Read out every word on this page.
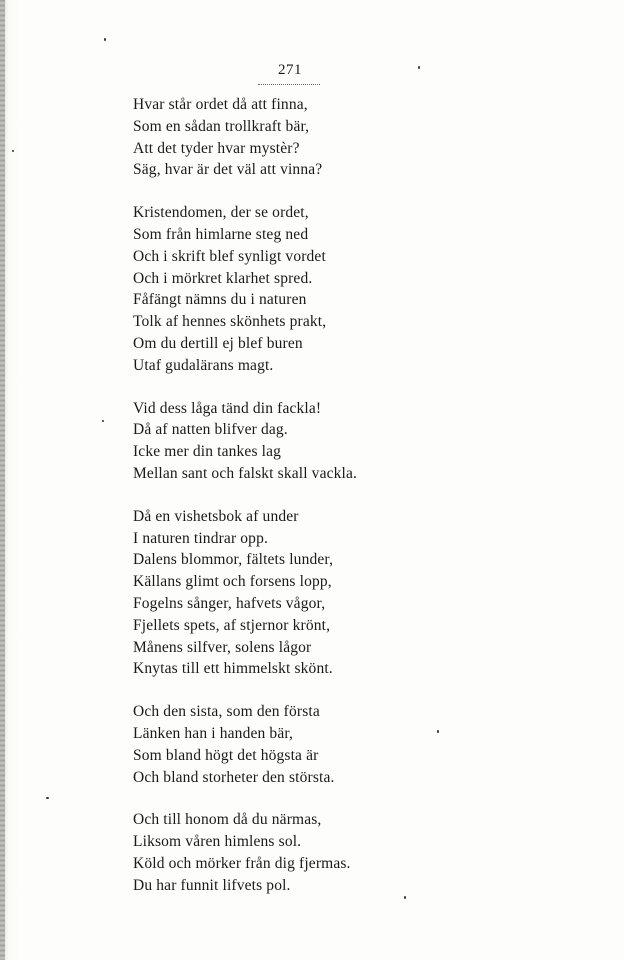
271
Hvar står ordet då att finna,
Som en sådan trollkraft bär,
Att det tyder hvar mystèr?
Säg, hvar är det väl att vinna?
Kristendomen, der se ordet,
Som från himlarne steg ned
Och i skrift blef synligt vordet
Och i mörkret klarhet spred.
Fåfängt nämns du i naturen
Tolk af hennes skönhets prakt,
Om du dertill ej blef buren
Utaf gudalärans magt.
Vid dess låga tänd din fackla!
Då af natten blifver dag.
Icke mer din tankes lag
Mellan sant och falskt skall vackla.
Då en vishetsbok af under
I naturen tindrar opp.
Dalens blommor, fältets lunder,
Källans glimt och forsens lopp,
Fogelns sånger, hafvets vågor,
Fjellets spets, af stjernor krönt,
Månens silfver, solens lågor
Knytas till ett himmelskt skönt.
Och den sista, som den första
Länken han i handen bär,
Som bland högt det högsta är
Och bland storheter den största.
Och till honom då du närmas,
Liksom våren himlens sol.
Köld och mörker från dig fjermas.
Du har funnit lifvets pol.
